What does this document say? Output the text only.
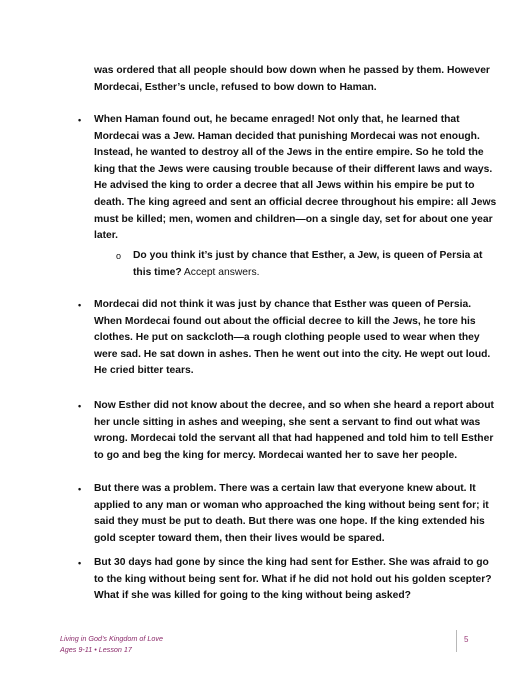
was ordered that all people should bow down when he passed by them. However
Mordecai, Esther’s uncle, refused to bow down to Haman.

• When Haman found out, he became enraged! Not only that, he learned that
Mordecai was a Jew. Haman decided that punishing Mordecai was not enough.
Instead, he wanted to destroy all of the Jews in the entire empire. So he told the
king that the Jews were causing trouble because of their different laws and ways.
He advised the king to order a decree that all Jews within his empire be put to
death. The king agreed and sent an official decree throughout his empire: all Jews
must be killed; men, women and children—on a single day, set for about one year
later.

o Do you think it’s just by chance that Esther, a Jew, is queen of Persia at
this time? Accept answers.

• Mordecai did not think it was just by chance that Esther was queen of Persia.
When Mordecai found out about the official decree to kill the Jews, he tore his
clothes. He put on sackcloth—a rough clothing people used to wear when they
were sad. He sat down in ashes. Then he went out into the city. He wept out loud.
He cried bitter tears.

• Now Esther did not know about the decree, and so when she heard a report about
her uncle sitting in ashes and weeping, she sent a servant to find out what was
wrong. Mordecai told the servant all that had happened and told him to tell Esther
to go and beg the king for mercy. Mordecai wanted her to save her people.

• But there was a problem. There was a certain law that everyone knew about. It
applied to any man or woman who approached the king without being sent for; it
said they must be put to death. But there was one hope. If the king extended his
gold scepter toward them, then their lives would be spared.

• But 30 days had gone by since the king had sent for Esther. She was afraid to go
to the king without being sent for. What if he did not hold out his golden scepter?
What if she was killed for going to the king without being asked?

Living in God’s Kingdom of Love
Ages 9-11 • Lesson 17
5
